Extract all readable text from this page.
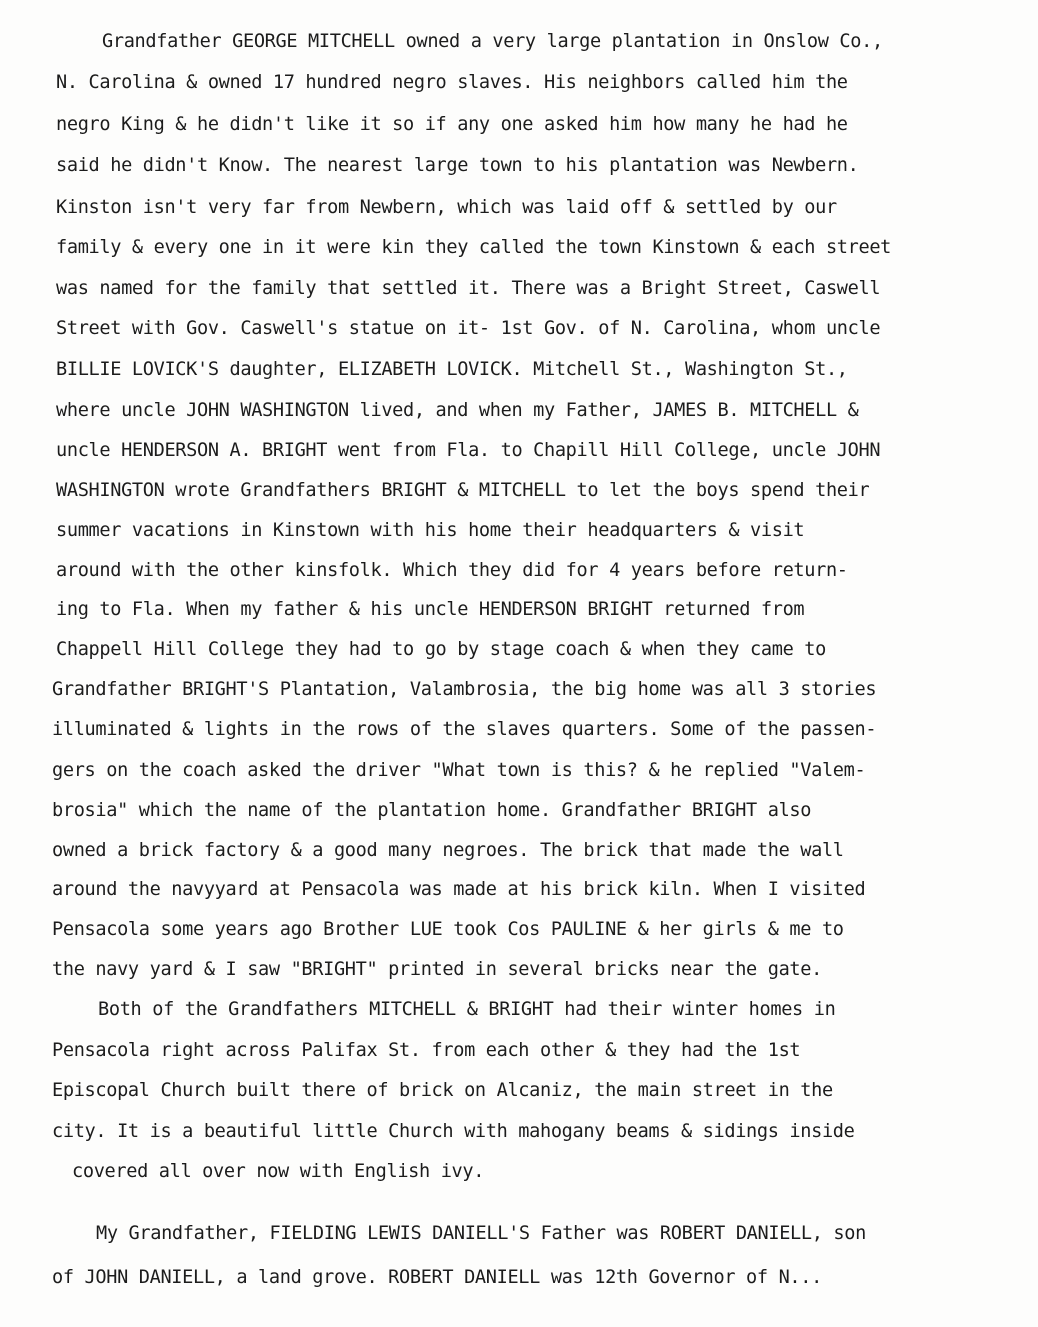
Grandfather GEORGE MITCHELL owned a very large plantation in Onslow Co.,
N. Carolina & owned 17 hundred negro slaves. His neighbors called him the
negro King & he didn't like it so if any one asked him how many he had he
said he didn't Know. The nearest large town to his plantation was Newbern.
Kinston isn't very far from Newbern, which was laid off & settled by our
family & every one in it were kin they called the town Kinstown & each street
was named for the family that settled it. There was a Bright Street, Caswell
Street with Gov. Caswell's statue on it- 1st Gov. of N. Carolina, whom uncle
BILLIE LOVICK'S daughter, ELIZABETH LOVICK. Mitchell St., Washington St.,
where uncle JOHN WASHINGTON lived, and when my Father, JAMES B. MITCHELL &
uncle HENDERSON A. BRIGHT went from Fla. to Chapill Hill College, uncle JOHN
WASHINGTON wrote Grandfathers BRIGHT & MITCHELL to let the boys spend their
summer vacations in Kinstown with his home their headquarters & visit
around with the other kinsfolk. Which they did for 4 years before return-
ing to Fla. When my father & his uncle HENDERSON BRIGHT returned from
Chappell Hill College they had to go by stage coach & when they came to
Grandfather BRIGHT'S Plantation, Valambrosia, the big home was all 3 stories
illuminated & lights in the rows of the slaves quarters. Some of the passen-
gers on the coach asked the driver "What town is this? & he replied "Valem-
brosia" which the name of the plantation home. Grandfather BRIGHT also
owned a brick factory & a good many negroes. The brick that made the wall
around the navyyard at Pensacola was made at his brick kiln. When I visited
Pensacola some years ago Brother LUE took Cos PAULINE & her girls & me to
the navy yard & I saw "BRIGHT" printed in several bricks near the gate.
Both of the Grandfathers MITCHELL & BRIGHT had their winter homes in
Pensacola right across Palifax St. from each other & they had the 1st
Episcopal Church built there of brick on Alcaniz, the main street in the
city. It is a beautiful little Church with mahogany beams & sidings inside
covered all over now with English ivy.
My Grandfather, FIELDING LEWIS DANIELL'S Father was ROBERT DANIELL, son
of JOHN DANIELL, a land grove. ROBERT DANIELL was 12th Governor of N...
